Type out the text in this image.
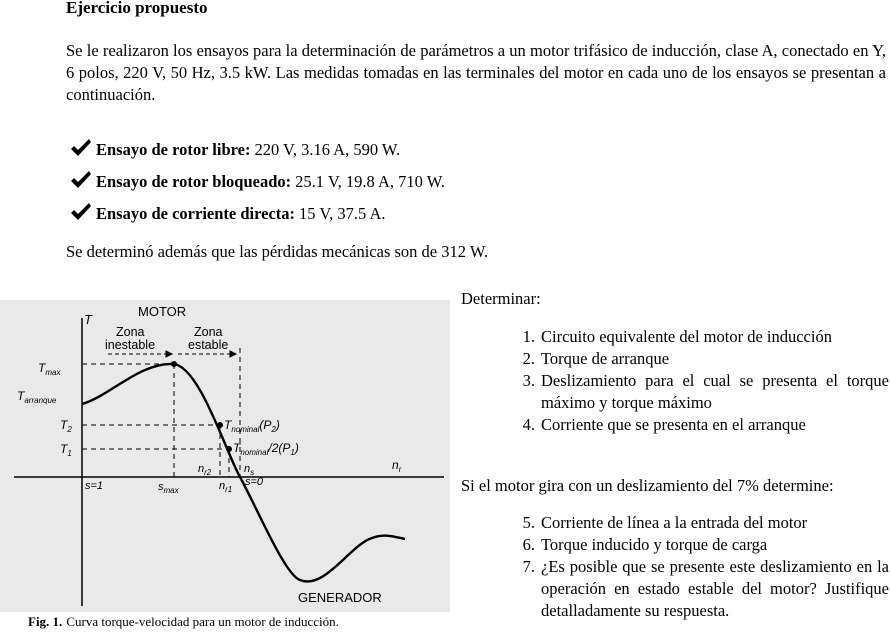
Ejercicio propuesto
Se le realizaron los ensayos para la determinación de parámetros a un motor trifásico de inducción, clase A, conectado en Y, 6 polos, 220 V, 50 Hz, 3.5 kW. Las medidas tomadas en las terminales del motor en cada uno de los ensayos se presentan a continuación.
Ensayo de rotor libre: 220 V, 3.16 A, 590 W.
Ensayo de rotor bloqueado: 25.1 V, 19.8 A, 710 W.
Ensayo de corriente directa: 15 V, 37.5 A.
Se determinó además que las pérdidas mecánicas son de 312 W.
MOTOR
T
Zona
inestable
Zona
estable
$T_{max}$
$T_{arranque}$
$T_2$
$T_1$
$T_{nominal}(P_2)$
$T_{nominal}/2(P_1)$
$n_r$
$n_{r2}$	$n_s$
s=1	$s_{max}$	$n_{r1}$
s=0
GENERADOR
Fig. 1. Curva torque-velocidad para un motor de inducción.
Determinar:
1. Circuito equivalente del motor de inducción
2. Torque de arranque
3. Deslizamiento para el cual se presenta el torque máximo y torque máximo
4. Corriente que se presenta en el arranque
Si el motor gira con un deslizamiento del 7% determine:
5. Corriente de línea a la entrada del motor
6. Torque inducido y torque de carga
7. ¿Es posible que se presente este deslizamiento en la operación en estado estable del motor? Justifique detalladamente su respuesta.
